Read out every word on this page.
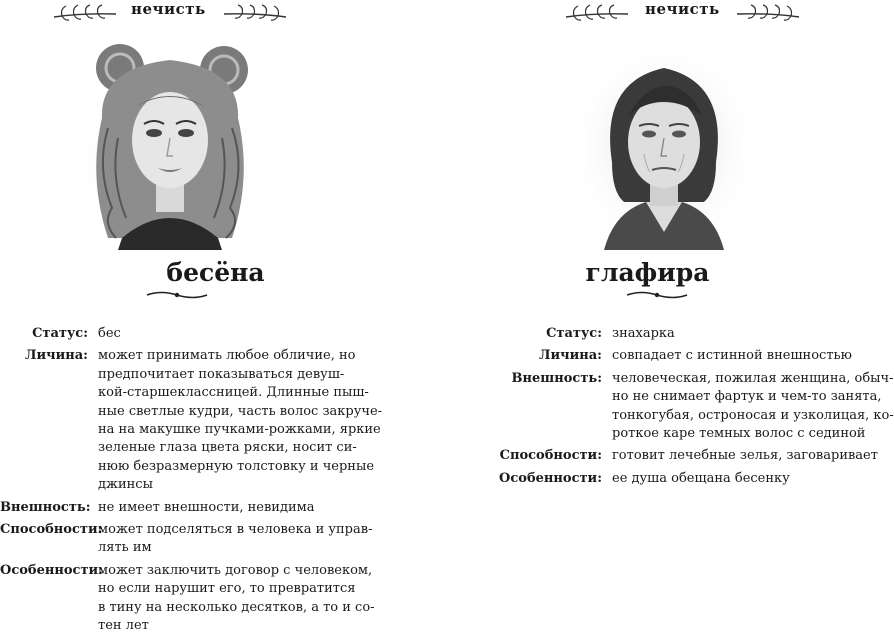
нечисть
бесёна
Статус: бес
Личина: может принимать любое обличие, но
предпочитает показываться девуш-
кой-старшеклассницей. Длинные пыш-
ные светлые кудри, часть волос закруче-
на на макушке пучками-рожками, яркие
зеленые глаза цвета ряски, носит си-
нюю безразмерную толстовку и черные
джинсы
Внешность: не имеет внешности, невидима
Способности:
может подселяться в человека и управ-
лять им
Особенности:
может заключить договор с человеком,
но если нарушит его, то превратится
в тину на несколько десятков, а то и со-
тен лет
нечисть
глафира
Статус: знахарка
Личина: совпадает с истинной внешностью
Внешность: человеческая, пожилая женщина, обыч-
но не снимает фартук и чем-то занята,
тонкогубая, остроносая и узколицая, ко-
роткое каре темных волос с сединой
Способности: готовит лечебные зелья, заговаривает
Особенности: ее душа обещана бесенку
